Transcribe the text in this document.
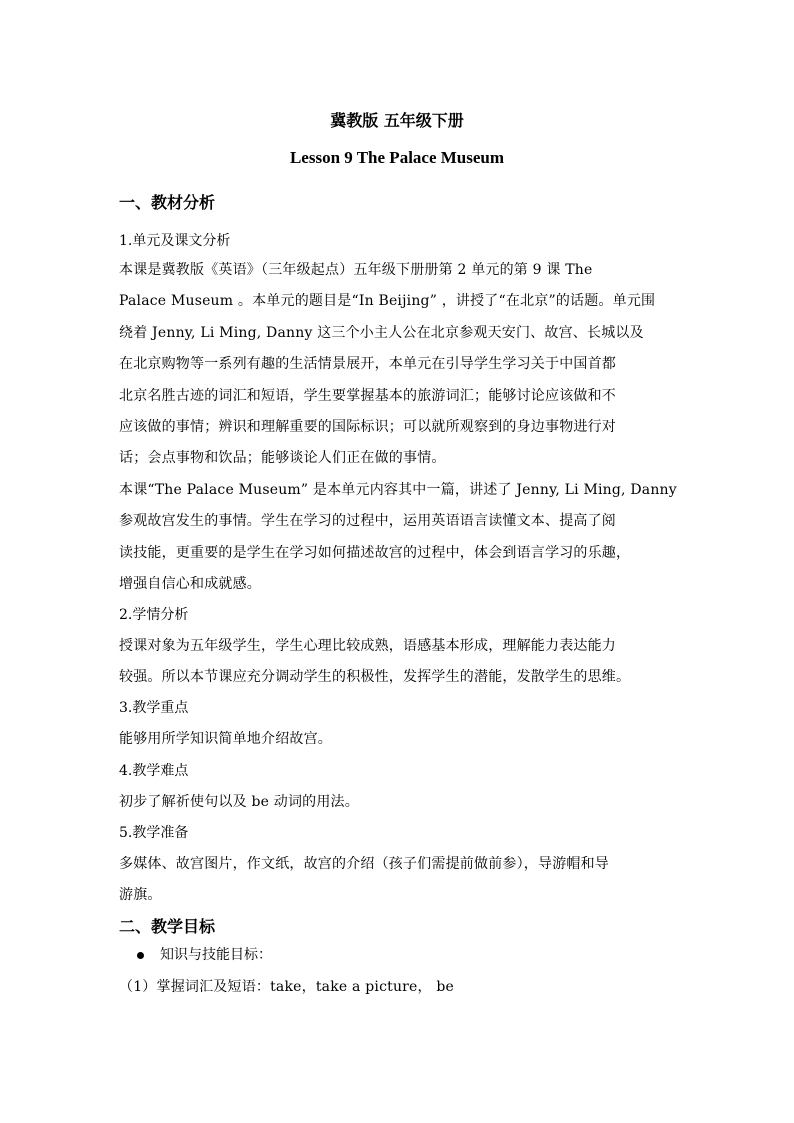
冀教版 五年级下册
Lesson 9 The Palace Museum
一、教材分析
1.单元及课文分析
本课是冀教版《英语》（三年级起点）五年级下册册第 2 单元的第 9 课 The
Palace Museum 。本单元的题目是“In Beijing” ，讲授了“在北京”的话题。单元围
绕着 Jenny, Li Ming, Danny 这三个小主人公在北京参观天安门、故宫、长城以及
在北京购物等一系列有趣的生活情景展开，本单元在引导学生学习关于中国首都
北京名胜古迹的词汇和短语，学生要掌握基本的旅游词汇；能够讨论应该做和不
应该做的事情；辨识和理解重要的国际标识；可以就所观察到的身边事物进行对
话；会点事物和饮品；能够谈论人们正在做的事情。
本课“The Palace Museum” 是本单元内容其中一篇，讲述了 Jenny, Li Ming, Danny
参观故宫发生的事情。学生在学习的过程中，运用英语语言读懂文本、提高了阅
读技能，更重要的是学生在学习如何描述故宫的过程中，体会到语言学习的乐趣，
增强自信心和成就感。
2.学情分析
授课对象为五年级学生，学生心理比较成熟，语感基本形成，理解能力表达能力
较强。所以本节课应充分调动学生的积极性，发挥学生的潜能，发散学生的思维。
3.教学重点
能够用所学知识简单地介绍故宫。
4.教学难点
初步了解祈使句以及 be 动词的用法。
5.教学准备
多媒体、故宫图片，作文纸，故宫的介绍（孩子们需提前做前参），导游帽和导
游旗。
二、教学目标
知识与技能目标：
（1）掌握词汇及短语：take，take a picture， be
